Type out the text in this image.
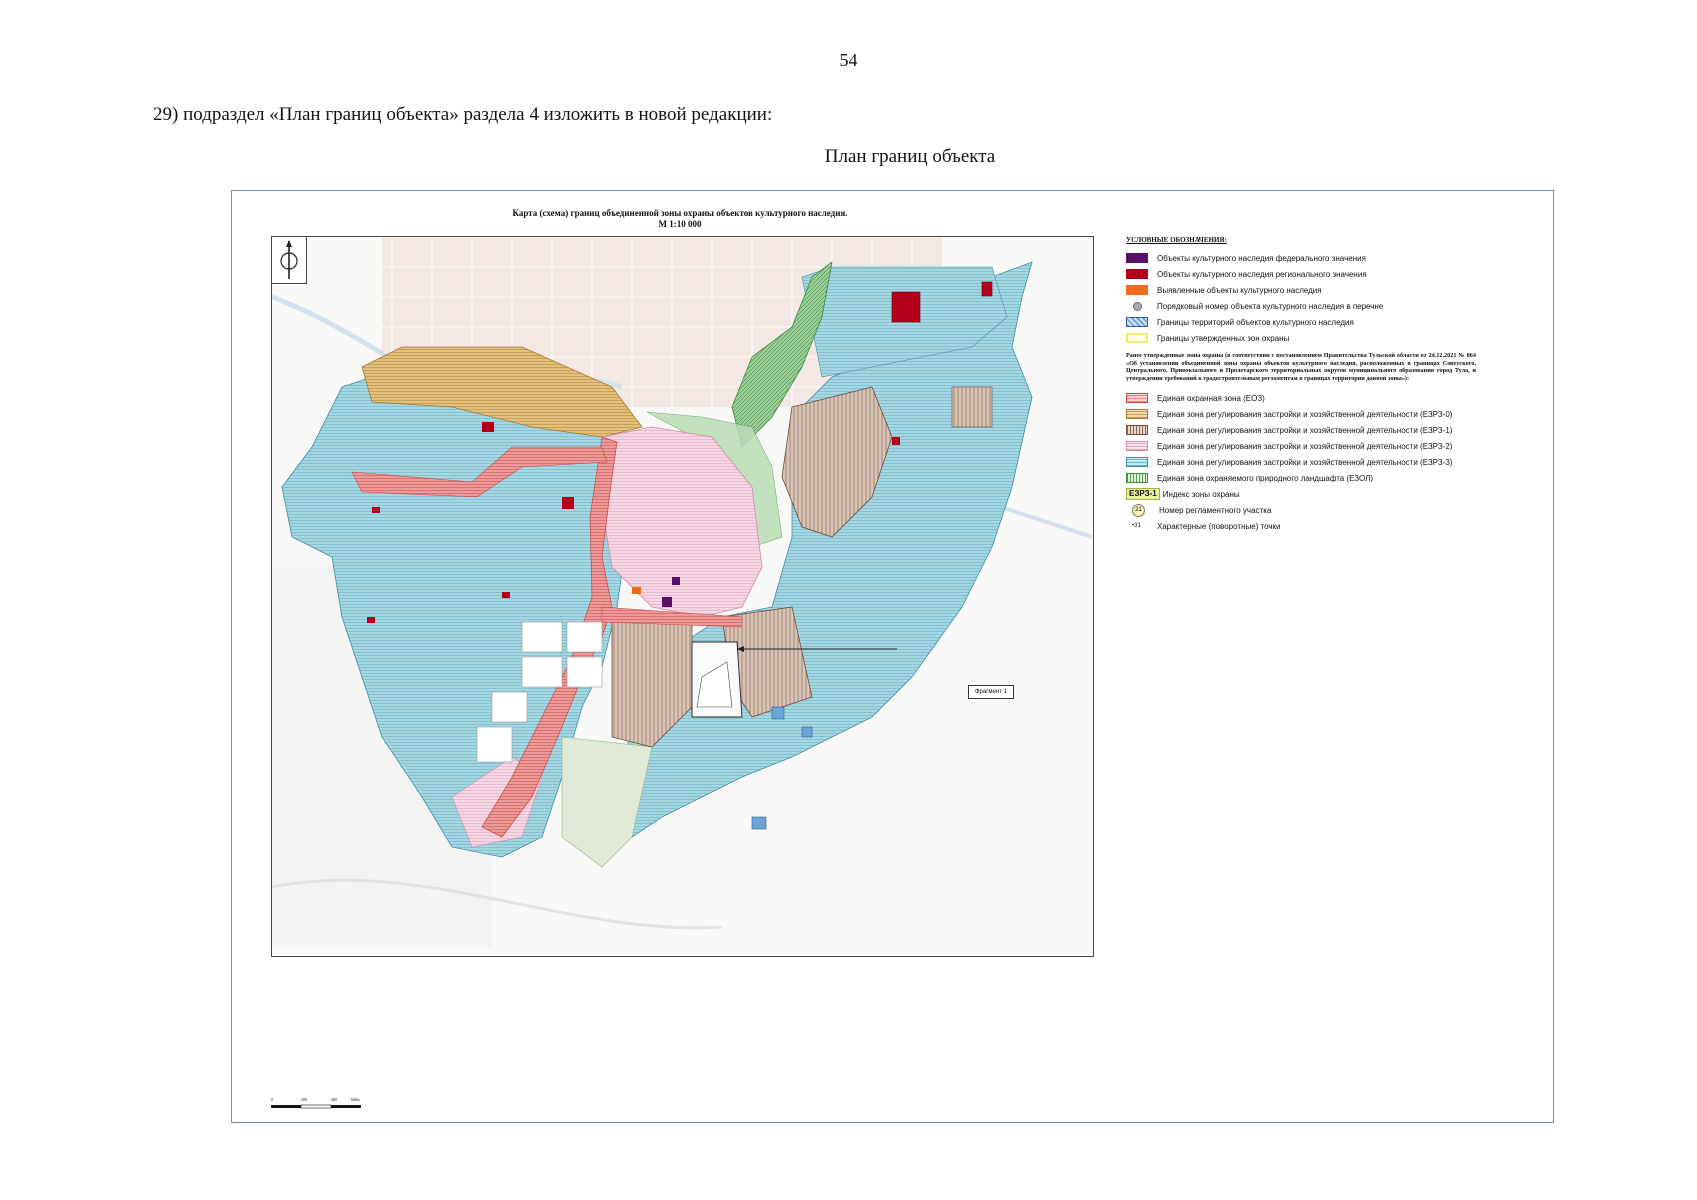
54
29) подраздел «План границ объекта» раздела 4 изложить в новой редакции:
План границ объекта
Карта (схема) границ объединенной зоны охраны объектов культурного наследия.
М 1:10 000
Фрагмент 1
УСЛОВНЫЕ ОБОЗНАЧЕНИЯ:
Объекты культурного наследия федерального значения
Объекты культурного наследия регионального значения
Выявленные объекты культурного наследия
Порядковый номер объекта культурного наследия в перечне
Границы территорий объектов культурного наследия
Границы утвержденных зон охраны
Ранее утвержденные зоны охраны (в соответствии с постановлением Правительства Тульской области от 24.12.2021 № 864 «Об установлении объединенной зоны охраны объектов культурного наследия, расположенных в границах Советского, Центрального, Привокзального и Пролетарского территориальных округов муниципального образования город Тула, и утверждении требований к градостроительным регламентам в границах территории данной зоны»):
Единая охранная зона (ЕОЗ)
Единая зона регулирования застройки и хозяйственной деятельности (ЕЗРЗ-0)
Единая зона регулирования застройки и хозяйственной деятельности (ЕЗРЗ-1)
Единая зона регулирования застройки и хозяйственной деятельности (ЕЗРЗ-2)
Единая зона регулирования застройки и хозяйственной деятельности (ЕЗРЗ-3)
Единая зона охраняемого природного ландшафта (ЕЗОЛ)
ЕЗРЗ-1 Индекс зоны охраны
21	Номер регламентного участка
•31	Характерные (поворотные) точки
0	200	400	600м
